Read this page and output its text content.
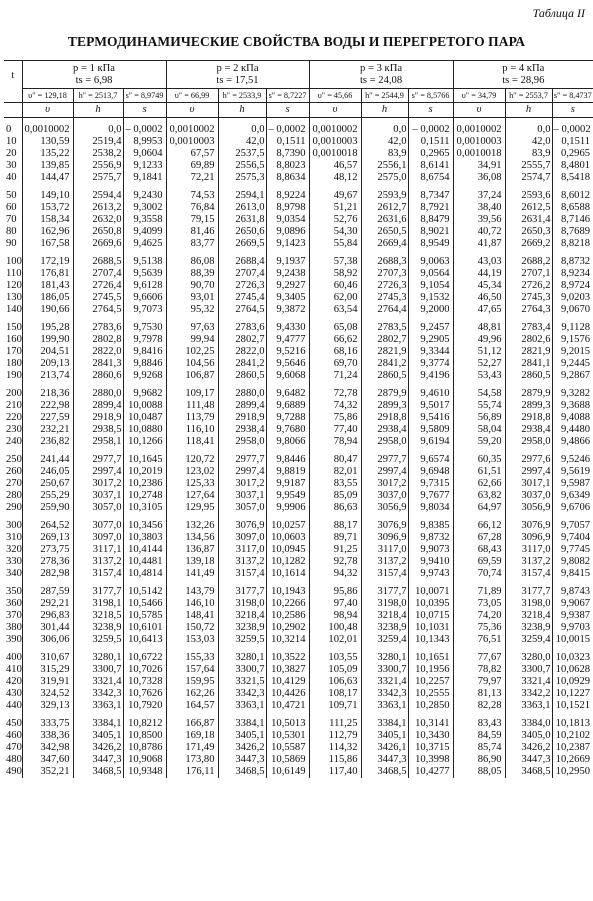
Таблица II
ТЕРМОДИНАМИЧЕСКИЕ СВОЙСТВА ВОДЫ И ПЕРЕГРЕТОГО ПАРА
t	p = 1 кПа			p = 2 кПа			p = 3 кПа			p = 4 кПа		
	ts = 6,98			ts = 17,51			ts = 24,08			ts = 28,96		
	υ″ = 129,18	h″ = 2513,7	s″ = 8,9749	υ″ = 66,99	h″ = 2533,9	s″ = 8,7227	υ″ = 45,66	h″ = 2544,9	s″ = 8,5766	υ″ = 34,79	h″ = 2553,7	s″ = 8,4737
	υ	h	s	υ	h	s	υ	h	s	υ	h	s
0	0,0010002	0,0	– 0,0002	0,0010002	0,0	– 0,0002	0,0010002	0,0	– 0,0002	0,0010002	0,0	– 0,0002
10	130,59	2519,4	8,9953	0,0010003	42,0	0,1511	0,0010003	42,0	0,1511	0,0010003	42,0	0,1511
20	135,22	2538,2	9,0604	67,57	2537,5	8,7390	0,0010018	83,9	0,2965	0,0010018	83,9	0,2965
30	139,85	2556,9	9,1233	69,89	2556,5	8,8023	46,57	2556,1	8,6141	34,91	2555,7	8,4801
40	144,47	2575,7	9,1841	72,21	2575,3	8,8634	48,12	2575,0	8,6754	36,08	2574,7	8,5418

50	149,10	2594,4	9,2430	74,53	2594,1	8,9224	49,67	2593,9	8,7347	37,24	2593,6	8,6012
60	153,72	2613,2	9,3002	76,84	2613,0	8,9798	51,21	2612,7	8,7921	38,40	2612,5	8,6588
70	158,34	2632,0	9,3558	79,15	2631,8	9,0354	52,76	2631,6	8,8479	39,56	2631,4	8,7146
80	162,96	2650,8	9,4099	81,46	2650,6	9,0896	54,30	2650,5	8,9021	40,72	2650,3	8,7689
90	167,58	2669,6	9,4625	83,77	2669,5	9,1423	55,84	2669,4	8,9549	41,87	2669,2	8,8218

100	172,19	2688,5	9,5138	86,08	2688,4	9,1937	57,38	2688,3	9,0063	43,03	2688,2	8,8732
110	176,81	2707,4	9,5639	88,39	2707,4	9,2438	58,92	2707,3	9,0564	44,19	2707,1	8,9234
120	181,43	2726,4	9,6128	90,70	2726,3	9,2927	60,46	2726,3	9,1054	45,34	2726,2	8,9724
130	186,05	2745,5	9,6606	93,01	2745,4	9,3405	62,00	2745,3	9,1532	46,50	2745,3	9,0203
140	190,66	2764,5	9,7073	95,32	2764,5	9,3872	63,54	2764,4	9,2000	47,65	2764,3	9,0670

150	195,28	2783,6	9,7530	97,63	2783,6	9,4330	65,08	2783,5	9,2457	48,81	2783,4	9,1128
160	199,90	2802,8	9,7978	99,94	2802,7	9,4777	66,62	2802,7	9,2905	49,96	2802,6	9,1576
170	204,51	2822,0	9,8416	102,25	2822,0	9,5216	68,16	2821,9	9,3344	51,12	2821,9	9,2015
180	209,13	2841,3	9,8846	104,56	2841,2	9,5646	69,70	2841,2	9,3774	52,27	2841,1	9,2445
190	213,74	2860,6	9,9268	106,87	2860,5	9,6068	71,24	2860,5	9,4196	53,43	2860,5	9,2867

200	218,36	2880,0	9,9682	109,17	2880,0	9,6482	72,78	2879,9	9,4610	54,58	2879,9	9,3282
210	222,98	2899,4	10,0088	111,48	2899,4	9,6889	74,32	2899,3	9,5017	55,74	2899,3	9,3688
220	227,59	2918,9	10,0487	113,79	2918,9	9,7288	75,86	2918,8	9,5416	56,89	2918,8	9,4088
230	232,21	2938,5	10,0880	116,10	2938,4	9,7680	77,40	2938,4	9,5809	58,04	2938,4	9,4480
240	236,82	2958,1	10,1266	118,41	2958,0	9,8066	78,94	2958,0	9,6194	59,20	2958,0	9,4866

250	241,44	2977,7	10,1645	120,72	2977,7	9,8446	80,47	2977,7	9,6574	60,35	2977,6	9,5246
260	246,05	2997,4	10,2019	123,02	2997,4	9,8819	82,01	2997,4	9,6948	61,51	2997,4	9,5619
270	250,67	3017,2	10,2386	125,33	3017,2	9,9187	83,55	3017,2	9,7315	62,66	3017,1	9,5987
280	255,29	3037,1	10,2748	127,64	3037,1	9,9549	85,09	3037,0	9,7677	63,82	3037,0	9,6349
290	259,90	3057,0	10,3105	129,95	3057,0	9,9906	86,63	3056,9	9,8034	64,97	3056,9	9,6706

300	264,52	3077,0	10,3456	132,26	3076,9	10,0257	88,17	3076,9	9,8385	66,12	3076,9	9,7057
310	269,13	3097,0	10,3803	134,56	3097,0	10,0603	89,71	3096,9	9,8732	67,28	3096,9	9,7404
320	273,75	3117,1	10,4144	136,87	3117,0	10,0945	91,25	3117,0	9,9073	68,43	3117,0	9,7745
330	278,36	3137,2	10,4481	139,18	3137,2	10,1282	92,78	3137,2	9,9410	69,59	3137,2	9,8082
340	282,98	3157,4	10,4814	141,49	3157,4	10,1614	94,32	3157,4	9,9743	70,74	3157,4	9,8415

350	287,59	3177,7	10,5142	143,79	3177,7	10,1943	95,86	3177,7	10,0071	71,89	3177,7	9,8743
360	292,21	3198,1	10,5466	146,10	3198,0	10,2266	97,40	3198,0	10,0395	73,05	3198,0	9,9067
370	296,83	3218,5	10,5785	148,41	3218,4	10,2586	98,94	3218,4	10,0715	74,20	3218,4	9,9387
380	301,44	3238,9	10,6101	150,72	3238,9	10,2902	100,48	3238,9	10,1031	75,36	3238,9	9,9703
390	306,06	3259,5	10,6413	153,03	3259,5	10,3214	102,01	3259,4	10,1343	76,51	3259,4	10,0015

400	310,67	3280,1	10,6722	155,33	3280,1	10,3522	103,55	3280,1	10,1651	77,67	3280,0	10,0323
410	315,29	3300,7	10,7026	157,64	3300,7	10,3827	105,09	3300,7	10,1956	78,82	3300,7	10,0628
420	319,91	3321,4	10,7328	159,95	3321,5	10,4129	106,63	3321,4	10,2257	79,97	3321,4	10,0929
430	324,52	3342,3	10,7626	162,26	3342,3	10,4426	108,17	3342,3	10,2555	81,13	3342,2	10,1227
440	329,13	3363,1	10,7920	164,57	3363,1	10,4721	109,71	3363,1	10,2850	82,28	3363,1	10,1521

450	333,75	3384,1	10,8212	166,87	3384,1	10,5013	111,25	3384,1	10,3141	83,43	3384,0	10,1813
460	338,36	3405,1	10,8500	169,18	3405,1	10,5301	112,79	3405,1	10,3430	84,59	3405,0	10,2102
470	342,98	3426,2	10,8786	171,49	3426,2	10,5587	114,32	3426,1	10,3715	85,74	3426,2	10,2387
480	347,60	3447,3	10,9068	173,80	3447,3	10,5869	115,86	3447,3	10,3998	86,90	3447,3	10,2669
490	352,21	3468,5	10,9348	176,11	3468,5	10,6149	117,40	3468,5	10,4277	88,05	3468,5	10,2950
